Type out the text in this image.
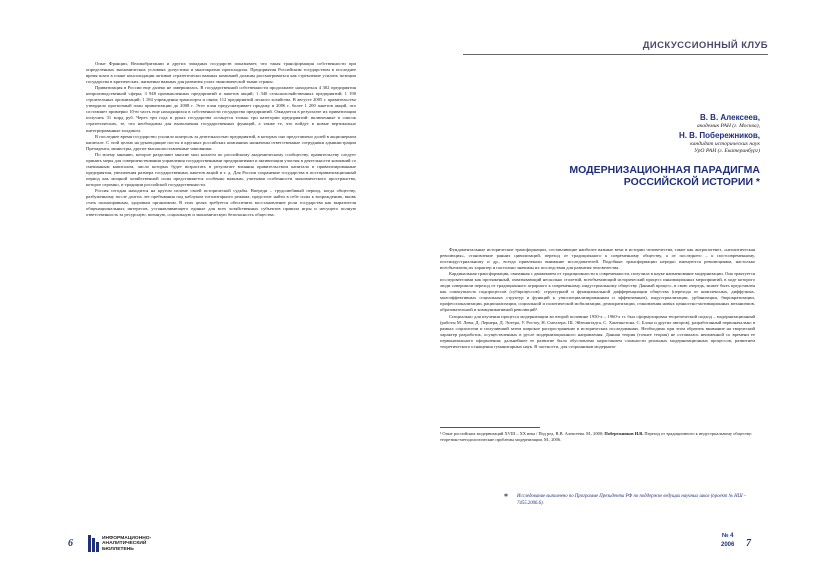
Опыт Франции, Великобритании и других западных государств показывает, что такая трансформация собственности при определенных экономических условиях допустима и многократно происходила. Предприятия Российским государством в последнее время шаги в плане консолидации активов стратегически важных компаний должны рассматриваться как стремление усилить позиции государства в критических, жизненно важных для развития узлах экономической ткани страны.

Приватизация в России еще далеко не завершилась. В государственной собственности продолжают находиться 4 302 предприятия непроизводственной сферы; 3 948 промышленных предприятий и пакетов акций; 1 340 сельскохозяйственных предприятий; 1 190 строительных организаций; 1 184 учреждения транспорта и связи; 112 предприятий лесного хозяйства. В августе 2005 г. правительство утвердило прогнозный план приватизации до 2008 г. Этот план предусматривает продажу в 2006 г. более 1 200 пакетов акций, что составляет примерно 10-ю часть еще находящихся в собственности государства предприятий. Ожидается в результате их приватизации получить 31 млрд руб. Через три года в руках государства останутся только три категории предприятий: включенные в список стратегических, те, что необходимы для выполнения государственных функций, а также те, что войдут в новые вертикально интегрированные холдинги.

В последнее время государство усилило контроль за деятельностью предприятий, в которых оно представлено долей в акционерном капитале. С этой целью на руководящие посты в крупных российских компаниях назначены ответственные сотрудники администрации Президента, министры, другие высокопоставленные чиновники.

По моему мнению, которое разделяют многие мои коллеги по российскому академическому сообществу, правительству следует принять меры для совершенствования управления государственными предприятиями и активизации участия в деятельности компаний со смешанным капиталом, число которых будет возрастать в результате влияния правительством капитала в приватизированные предприятия, увеличения размера государственных пакетов акций и т. д. Для России сохранение государства в постприватизационный период как мощной хозяйственной силы представляется особенно важным, учитывая особенности экономического пространства, которое огромно, и традиции российской государственности.

Россия сегодня находится на крутом изломе своей исторической судьбы. Впереди – трудолюбивый период, когда обществу, разбуженному после долгих лет пребывания под каблуком тоталитарного режима, предстоит найти в себе силы к возрождению, вновь стать полноправным, здоровым организмом. В этих целях требуется обеспечить восстановление роли государства как выразителя общенациональных интересов, устанавливающего единые для всех хозяйственных субъектов правила игры и несущего полную ответственность за ресурсную, военную, социальную и экономическую безопасность общества.

6	ИНФОРМАЦИОННО-
АНАЛИТИЧЕСКИЙ
БЮЛЛЕТЕНЬ
ДИСКУССИОННЫЙ КЛУБ
В. В. Алексеев,
академик РАН (г. Москва),
Н. В. Побережников,
кандидат исторических наук
УрО РАН (г. Екатеринбург)
МОДЕРНИЗАЦИОННАЯ ПАРАДИГМА
РОССИЙСКОЙ ИСТОРИИ *

Фундаментальные исторические трансформации, составляющие наиболее важные вехи в истории человечества, такие как антропогенез, «неолитическая революция», становление ранних цивилизаций, переход от традиционного к современному обществу, а от последнего – к постсовременному, постиндустриальному и др., всегда привлекали внимание исследователей. Подобные трансформации нередко именуются революциями, настолько всеобъемлющ их характер и пастолько значимы их последствия для развития человечества.

Кардинальная трансформация, связанная с движением от традиционности к современности, получила в науке наименование модернизации. Она трактуется исследователями как протяженный, охватывающий несколько столетий, всеобъемлющий исторический процесс инновационных мероприятий, в ходе которого люди совершили переход от традиционного аграрного к современному, индустриальному обществу. Данный процесс, в свою очередь, может быть представлен как совокупность подпроцессов (субпроцессов): структурной и функциональной дифференциации общества (перехода от комплексных, диффузных, малоэффективных социальных структур и функций к узкоспециализированным и эффективным), индустриализации, урбанизации, бюрократизации, профессионализации, рационализации, социальной и политической мобилизации, демократизации, становления новых ценностно-мотивационных механизмов, образовательной и коммуникативной революций¹.

Специально для изучения процесса модернизации во второй половине 1950-х – 1960-х гг. был сформулирован теоретический подход – модернизационный (работы М. Леви, Д. Лернера, Д. Эптера, У. Ростоу, Н. Смелзера, Ш. Эйзенштадта, С. Хантингтона, С. Блэка и других авторов), разработанный первоначально в рамках социологии и получивший затем широкое распространение в исторических исследованиях. Необходимо при этом обратить внимание на творческий характер разработок, осуществленных в русле модернизационного направления. Данная теория (точнее теория) не оставалась неизменной со времени ее первоначального оформления; дальнейшее ее развитие было обусловлено нарастанием сложности реальных модернизационных процессов, развитием теоретического оснащения гуманитарных наук. В частности, для сторонников модерниза-

¹ Опыт российских модернизаций XVIII – XX века / Под ред. В.В. Алексеева. М., 2000; Побережников И.В. Переход от традиционного к индустриальному обществу: теоретико-методологические проблемы модернизации. М., 2006.
* Исследование выполнено по Программе Президента РФ по поддержке ведущих научных школ (проект № НШ – 7455.2006.6).
№ 4
2006 7
